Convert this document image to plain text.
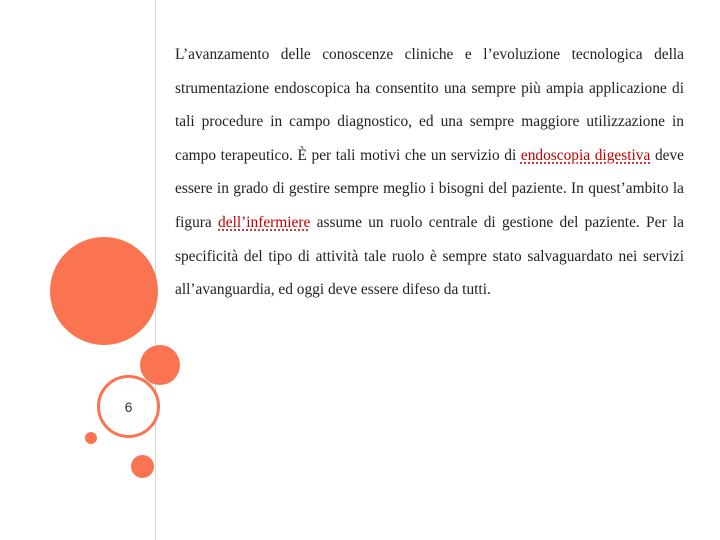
6

L’avanzamento delle conoscenze cliniche e l’evoluzione tecnologica della strumentazione endoscopica ha consentito una sempre più ampia applicazione di tali procedure in campo diagnostico, ed una sempre maggiore utilizzazione in campo terapeutico. È per tali motivi che un servizio di endoscopia digestiva deve essere in grado di gestire sempre meglio i bisogni del paziente. In quest’ambito la figura dell’infermiere assume un ruolo centrale di gestione del paziente. Per la specificità del tipo di attività tale ruolo è sempre stato salvaguardato nei servizi all’avanguardia, ed oggi deve essere difeso da tutti.
